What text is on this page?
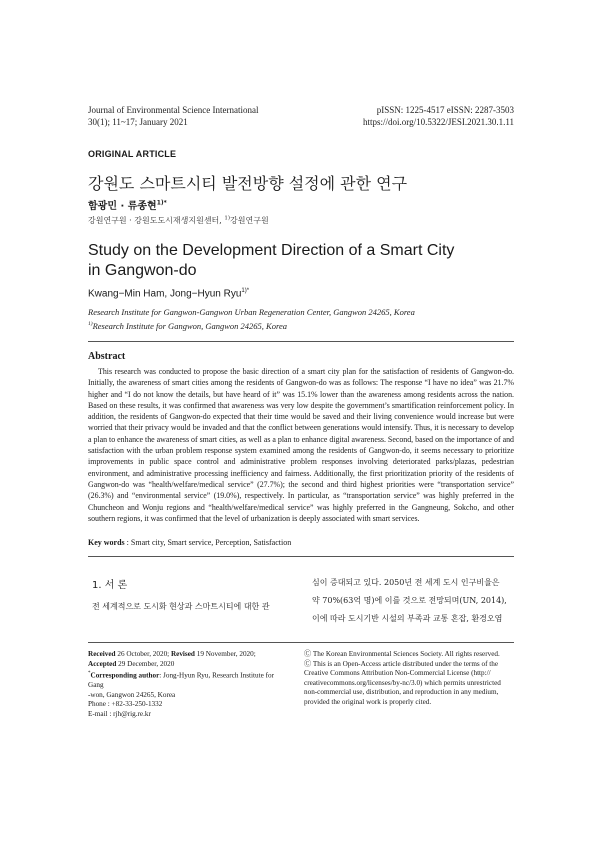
Journal of Environmental Science International
30(1); 11~17; January 2021
pISSN: 1225-4517 eISSN: 2287-3503
https://doi.org/10.5322/JESI.2021.30.1.11
ORIGINAL ARTICLE
강원도 스마트시티 발전방향 설정에 관한 연구
함광민 · 류종현$^{1)*}$
강원연구원 · 강원도도시재생지원센터, $^{1)}$강원연구원
Study on the Development Direction of a Smart City in Gangwon-do
Kwang−Min Ham, Jong−Hyun Ryu$^{1)*}$
Research Institute for Gangwon-Gangwon Urban Regeneration Center, Gangwon 24265, Korea
$^{1)}$Research Institute for Gangwon, Gangwon 24265, Korea
Abstract
This research was conducted to propose the basic direction of a smart city plan for the satisfaction of residents of Gangwon-do. Initially, the awareness of smart cities among the residents of Gangwon-do was as follows: The response “I have no idea” was 21.7% higher and “I do not know the details, but have heard of it” was 15.1% lower than the awareness among residents across the nation. Based on these results, it was confirmed that awareness was very low despite the government’s smartification reinforcement policy. In addition, the residents of Gangwon-do expected that their time would be saved and their living convenience would increase but were worried that their privacy would be invaded and that the conflict between generations would intensify. Thus, it is necessary to develop a plan to enhance the awareness of smart cities, as well as a plan to enhance digital awareness. Second, based on the importance of and satisfaction with the urban problem response system examined among the residents of Gangwon-do, it seems necessary to prioritize improvements in public space control and administrative problem responses involving deteriorated parks/plazas, pedestrian environment, and administrative processing inefficiency and fairness. Additionally, the first prioritization priority of the residents of Gangwon-do was “health/welfare/medical service” (27.7%); the second and third highest priorities were “transportation service” (26.3%) and “environmental service” (19.0%), respectively. In particular, as “transportation service” was highly preferred in the Chuncheon and Wonju regions and “health/welfare/medical service” was highly preferred in the Gangneung, Sokcho, and other southern regions, it was confirmed that the level of urbanization is deeply associated with smart services.
Key words : Smart city, Smart service, Perception, Satisfaction
1. 서 론
전 세계적으로 도시화 현상과 스마트시티에 대한 관
심이 증대되고 있다. 2050년 전 세계 도시 인구비율은
약 70%(63억 명)에 이를 것으로 전망되며(UN, 2014),
이에 따라 도시기반 시설의 부족과 교통 혼잡, 환경오염
Received 26 October, 2020; Revised 19 November, 2020;
Accepted 29 December, 2020
*Corresponding author: Jong-Hyun Ryu, Research Institute for Gang
-won, Gangwon 24265, Korea
Phone : +82-33-250-1332
E-mail : rjh@rig.re.kr
Ⓒ The Korean Environmental Sciences Society. All rights reserved.
Ⓒ This is an Open-Access article distributed under the terms of the
Creative Commons Attribution Non-Commercial License (http://
creativecommons.org/licenses/by-nc/3.0) which permits unrestricted
non-commercial use, distribution, and reproduction in any medium,
provided the original work is properly cited.
